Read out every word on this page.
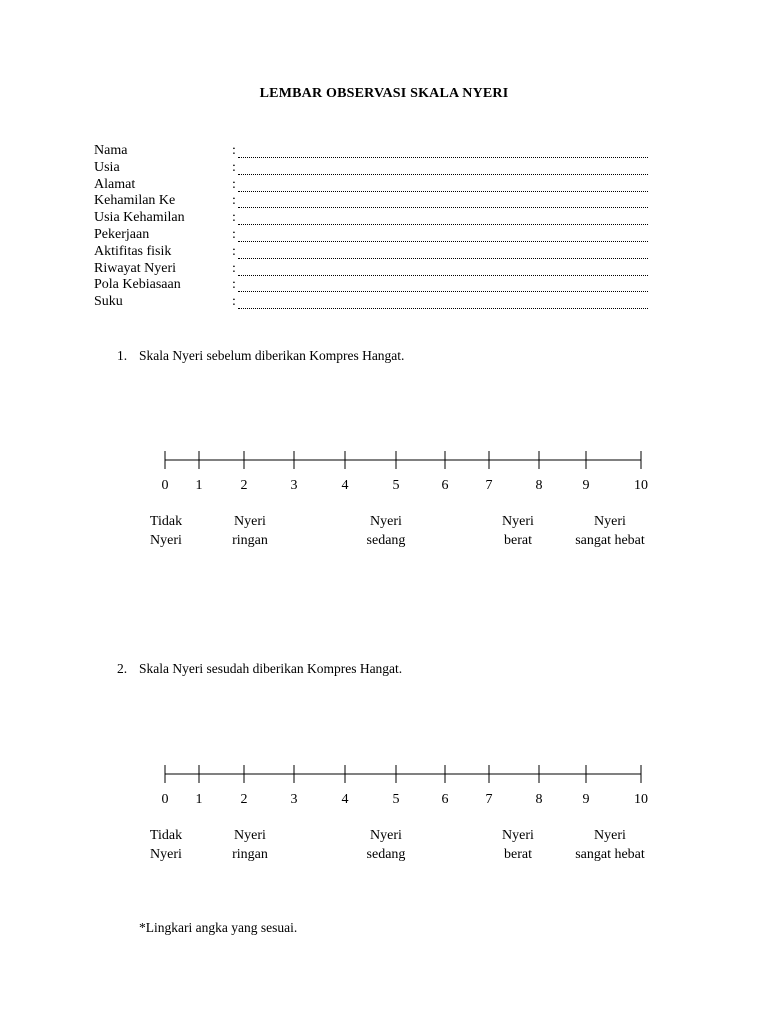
LEMBAR OBSERVASI SKALA NYERI
Nama	:
Usia	:
Alamat	:
Kehamilan Ke	:
Usia Kehamilan	:
Pekerjaan	:
Aktifitas fisik	:
Riwayat Nyeri	:
Pola Kebiasaan	:
Suku	:
1. Skala Nyeri sebelum diberikan Kompres Hangat.
0 1	2	3	4	5	6	7	8	9	10
Tidak
Nyeri
Nyeri
ringan
Nyeri
sedang
Nyeri
berat
Nyeri
sangat hebat
2. Skala Nyeri sesudah diberikan Kompres Hangat.
0 1	2	3	4	5	6	7	8	9	10
Tidak
Nyeri
Nyeri
ringan
Nyeri
sedang
Nyeri
berat
Nyeri
sangat hebat
*Lingkari angka yang sesuai.
